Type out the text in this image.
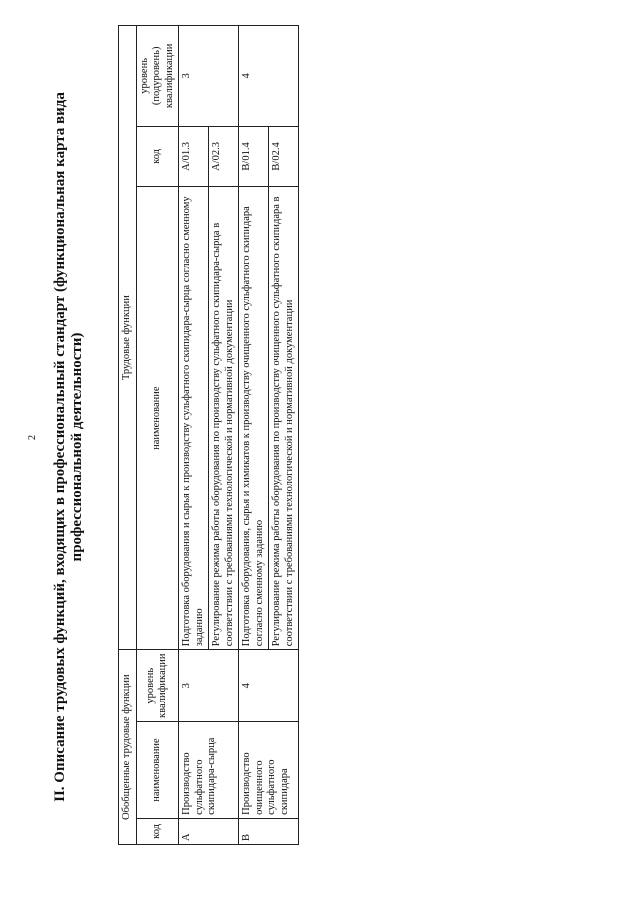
2 II. Описание трудовых функций, входящих в профессиональный стандарт (функциональная карта вида профессиональной деятельности)
Обобщенные трудовые функции			Трудовые функции		
код	наименование	уровень квалификации	наименование	код	уровень (подуровень) квалификации
A	Производство сульфатного скипидара-сырца	3	Подготовка оборудования и сырья к производству сульфатного скипидара-сырца согласно сменному заданию	A/01.3	3
			Регулирование режима работы оборудования по производству сульфатного скипидара-сырца в соответствии с требованиями технологической и нормативной документации	A/02.3	
B	Производство очищенного сульфатного скипидара	4	Подготовка оборудования, сырья и химикатов к производству очищенного сульфатного скипидара согласно сменному заданию	B/01.4	4
			Регулирование режима работы оборудования по производству очищенного сульфатного скипидара в соответствии с требованиями технологической и нормативной документации	B/02.4	
